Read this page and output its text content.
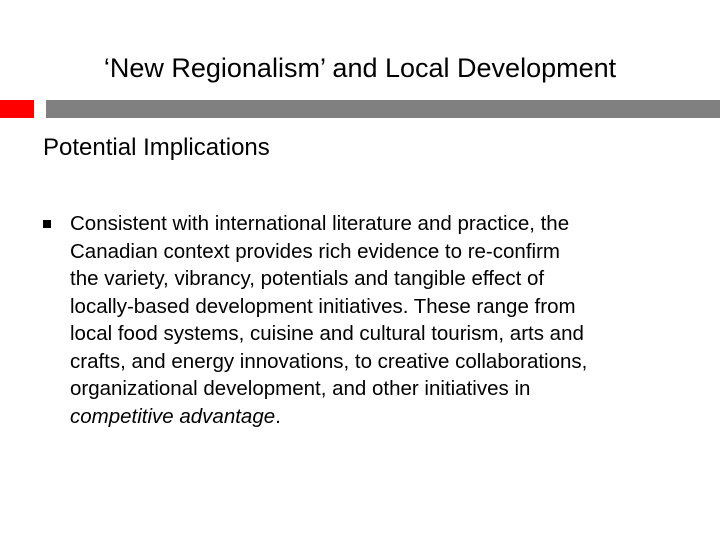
‘New Regionalism’ and Local Development
Potential Implications
Consistent with international literature and practice, the
Canadian context provides rich evidence to re-confirm
the variety, vibrancy, potentials and tangible effect of
locally-based development initiatives. These range from
local food systems, cuisine and cultural tourism, arts and
crafts, and energy innovations, to creative collaborations,
organizational development, and other initiatives in
competitive advantage.
